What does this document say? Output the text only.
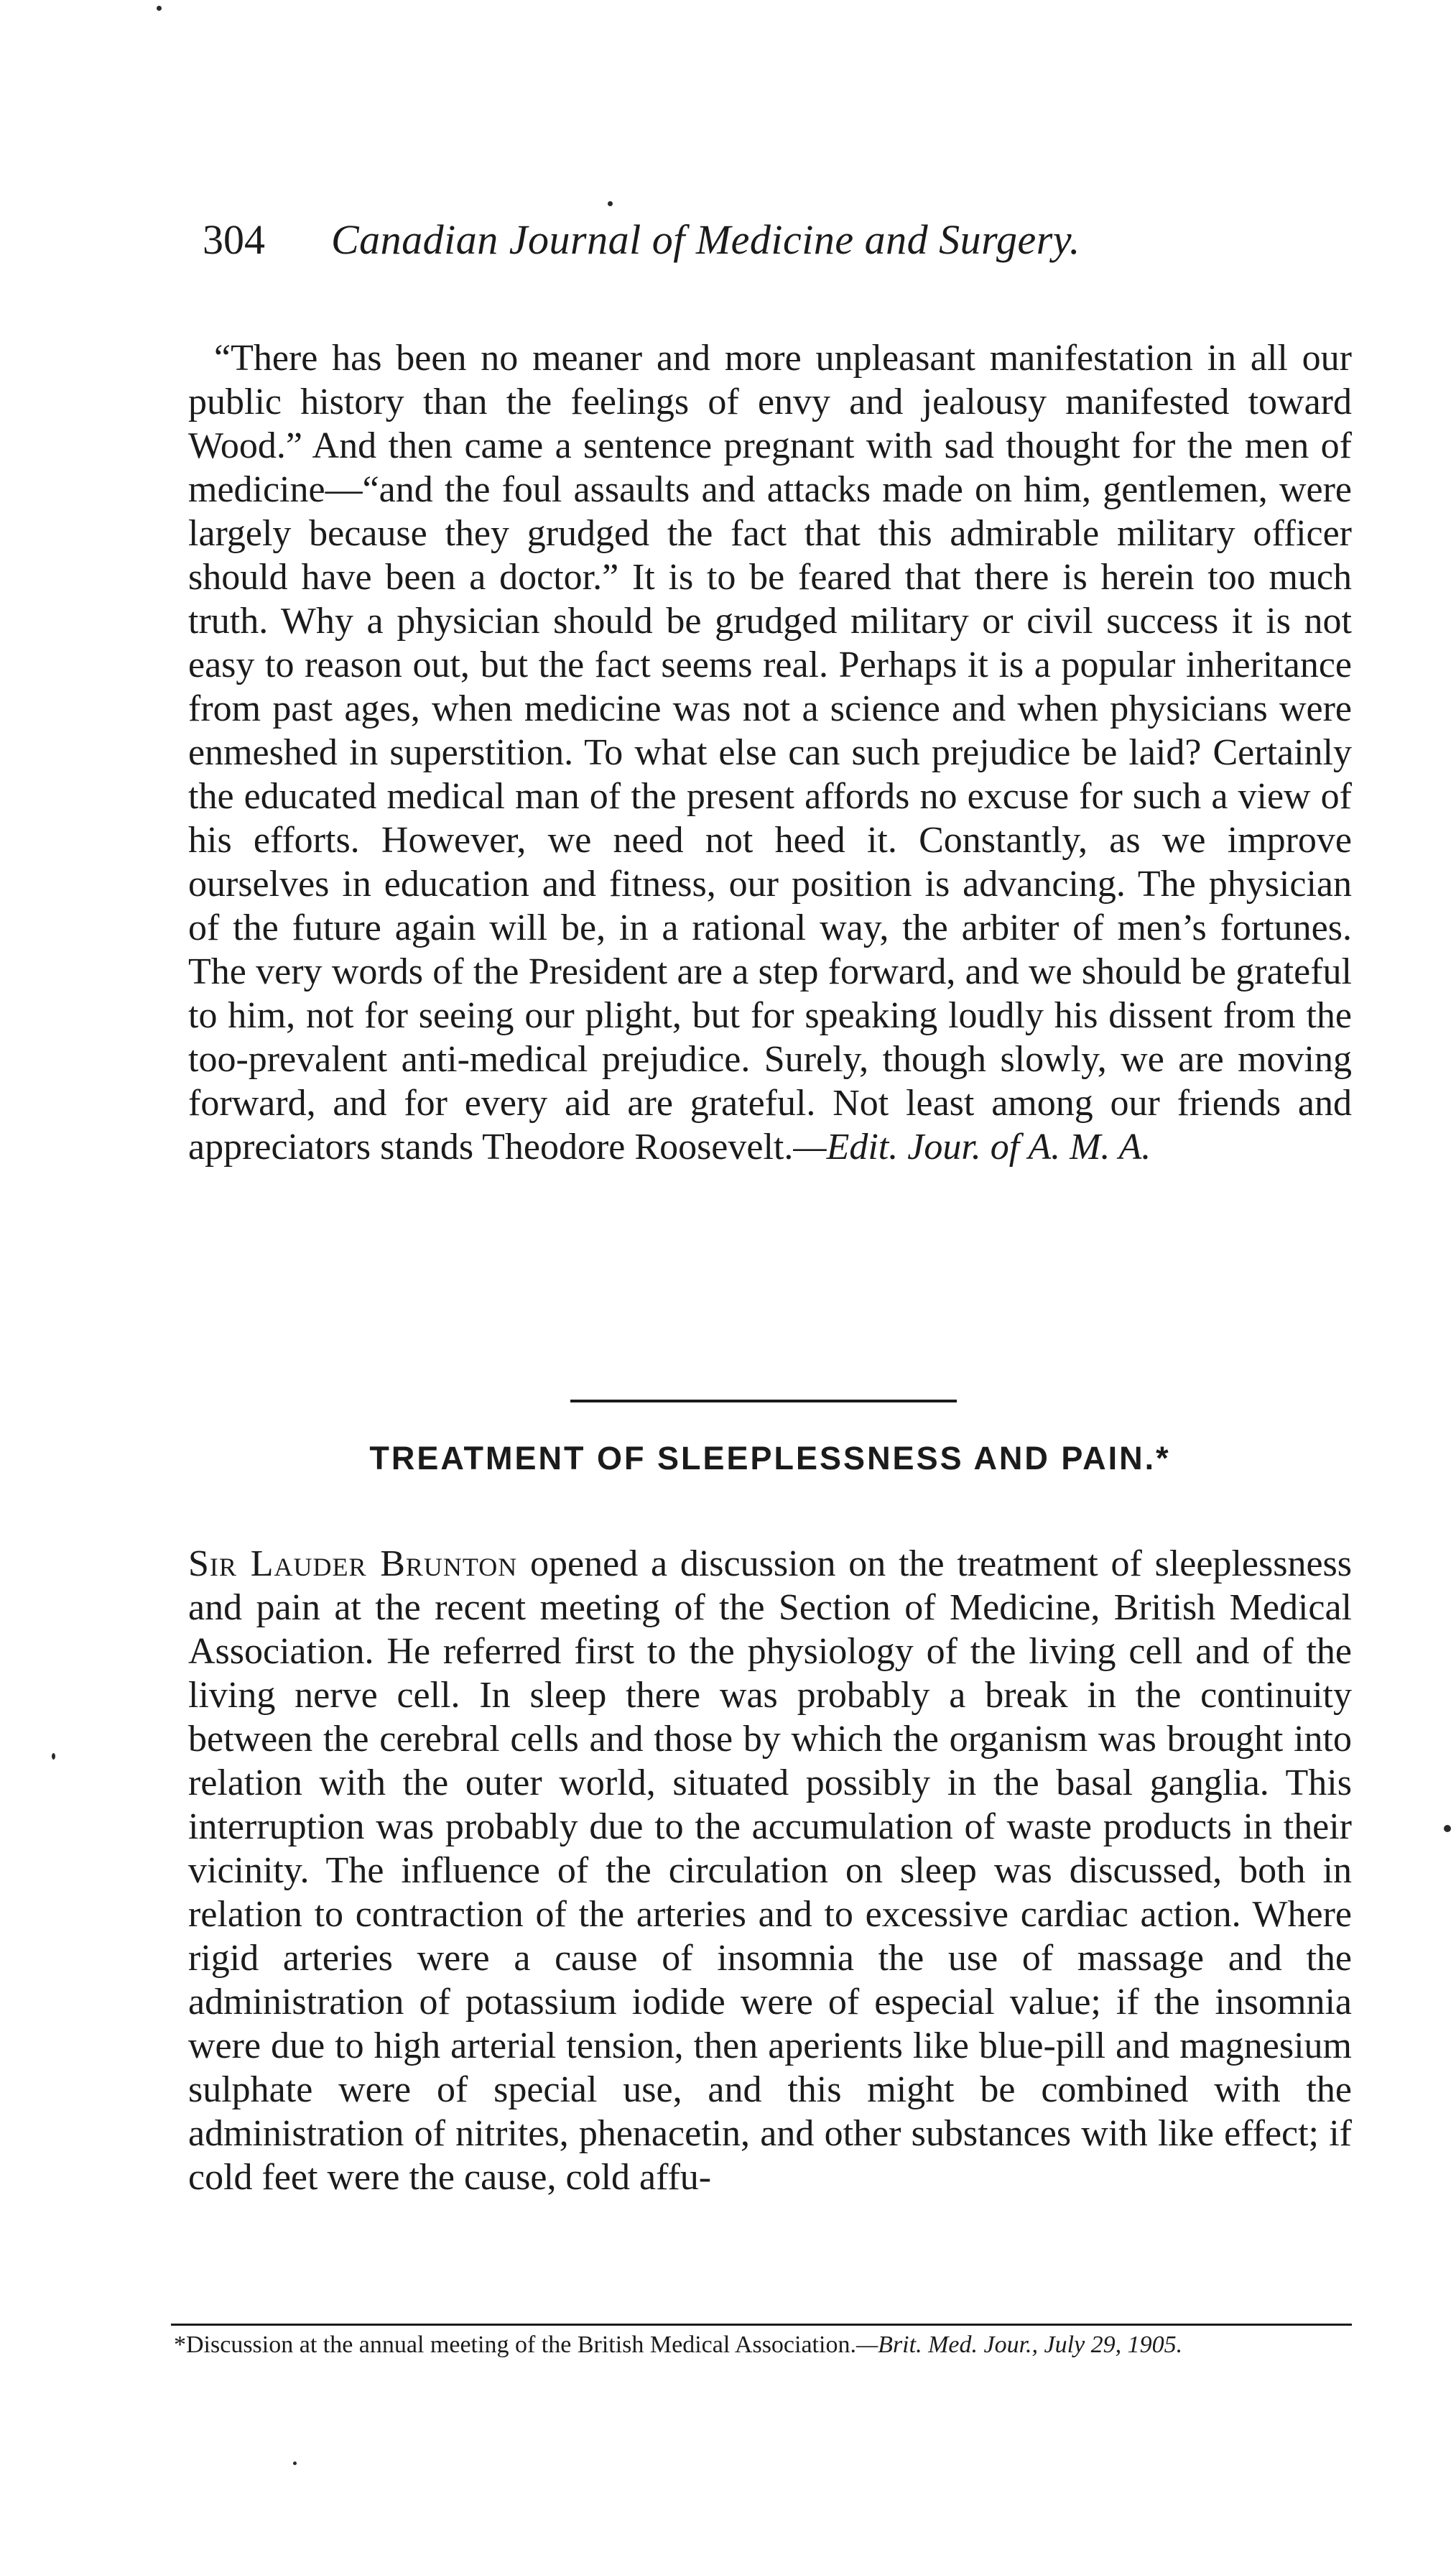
304 Canadian Journal of Medicine and Surgery.

“There has been no meaner and more unpleasant manifestation in all our public history than the feelings of envy and jealousy manifested toward Wood.” And then came a sentence pregnant with sad thought for the men of medicine—“and the foul assaults and attacks made on him, gentlemen, were largely because they grudged the fact that this admirable military officer should have been a doctor.” It is to be feared that there is herein too much truth. Why a physician should be grudged military or civil success it is not easy to reason out, but the fact seems real. Perhaps it is a popular inheritance from past ages, when medicine was not a science and when physicians were enmeshed in superstition. To what else can such prejudice be laid? Certainly the educated medical man of the present affords no excuse for such a view of his efforts. However, we need not heed it. Constantly, as we improve ourselves in education and fitness, our position is advancing. The physician of the future again will be, in a rational way, the arbiter of men’s fortunes. The very words of the President are a step forward, and we should be grateful to him, not for seeing our plight, but for speaking loudly his dissent from the too-prevalent anti-medical prejudice. Surely, though slowly, we are moving forward, and for every aid are grateful. Not least among our friends and appreciators stands Theodore Roosevelt.—Edit. Jour. of A. M. A.

TREATMENT OF SLEEPLESSNESS AND PAIN.*

Sir Lauder Brunton opened a discussion on the treatment of sleeplessness and pain at the recent meeting of the Section of Medicine, British Medical Association. He referred first to the physiology of the living cell and of the living nerve cell. In sleep there was probably a break in the continuity between the cerebral cells and those by which the organism was brought into relation with the outer world, situated possibly in the basal ganglia. This interruption was probably due to the accumulation of waste products in their vicinity. The influence of the circulation on sleep was discussed, both in relation to contraction of the arteries and to excessive cardiac action. Where rigid arteries were a cause of insomnia the use of massage and the administration of potassium iodide were of especial value; if the insomnia were due to high arterial tension, then aperients like blue-pill and magnesium sulphate were of special use, and this might be combined with the administration of nitrites, phenacetin, and other substances with like effect; if cold feet were the cause, cold affu-

*Discussion at the annual meeting of the British Medical Association.—Brit. Med. Jour., July 29, 1905.
